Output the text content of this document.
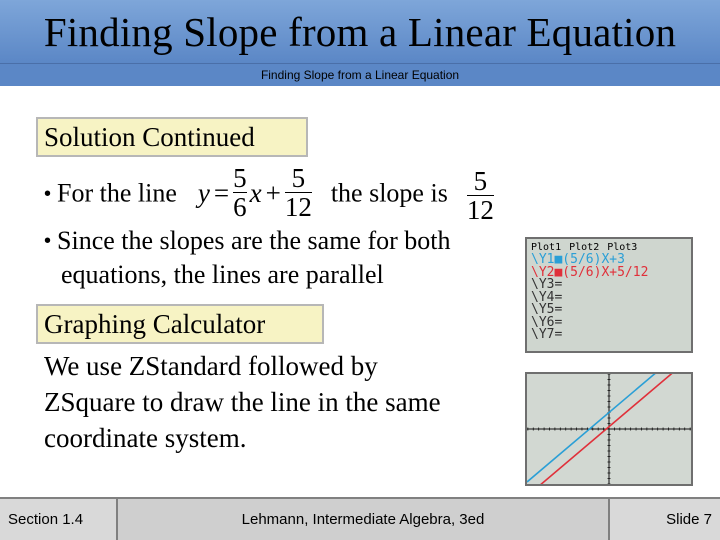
Finding Slope from a Linear Equation
Finding Slope from a Linear Equation
Solution Continued
• For the line $y = \frac{5}{6}$ $x + \frac{5}{12}$ the slope is $\frac{5}{12}$
• Since the slopes are the same for both
equations, the lines are parallel
Graphing Calculator
We use ZStandard followed by
ZSquare to draw the line in the same
coordinate system.
Plot1 Plot2 Plot3
\Y1■(5/6)X+3
\Y2■(5/6)X+5/12
\Y3=
\Y4=
\Y5=
\Y6=
\Y7=
Section 1.4	Lehmann, Intermediate Algebra, 3ed	Slide 7
